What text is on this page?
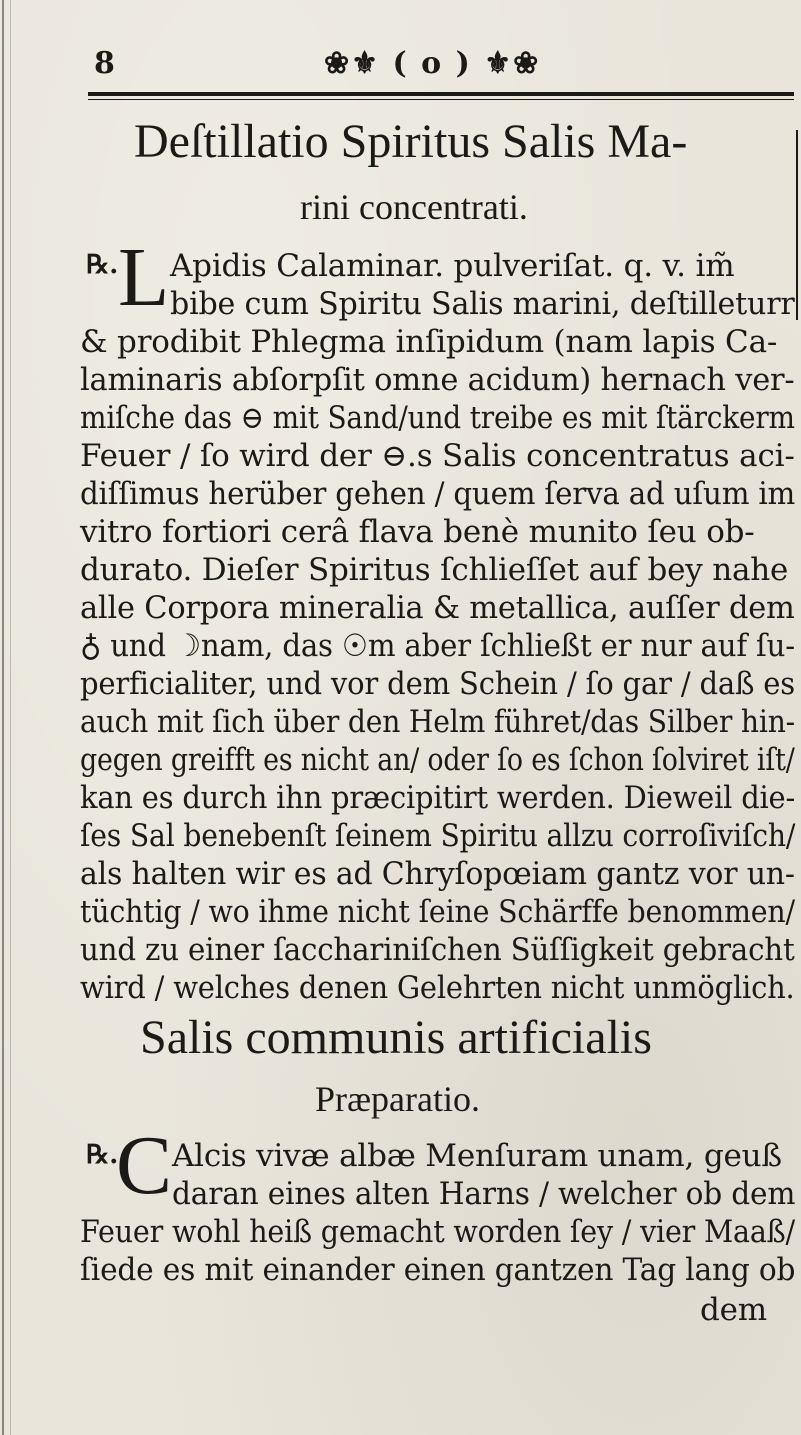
8	❀⚜ ( o ) ⚜❀
Deſtillatio Spiritus Salis Ma-
rini concentrati.
℞. L Apidis Calaminar. pulveriſat. q. v. im̃
bibe cum Spiritu Salis marini, deſtilleturr
& prodibit Phlegma inſipidum (nam lapis Ca-
laminaris abſorpſit omne acidum) hernach ver-
miſche das ⊖ mit Sand/und treibe es mit ſtärckerm
Feuer / ſo wird der ⊖.s Salis concentratus aci-
diſſimus herüber gehen / quem ſerva ad uſum im
vitro fortiori cerâ flava benè munito ſeu ob-
durato. Dieſer Spiritus ſchlieſſet auf bey nahe
alle Corpora mineralia & metallica, auſſer dem
♁ und ☽nam, das ☉m aber ſchließt er nur auf ſu-
perficialiter, und vor dem Schein / ſo gar / daß es
auch mit ſich über den Helm führet/das Silber hin-
gegen greifft es nicht an/ oder ſo es ſchon ſolviret iſt/
kan es durch ihn præcipitirt werden. Dieweil die-
ſes Sal benebenſt ſeinem Spiritu allzu corroſiviſch/
als halten wir es ad Chryſopœiam gantz vor un-
tüchtig / wo ihme nicht ſeine Schärffe benommen/
und zu einer ſacchariniſchen Süſſigkeit gebracht
Salis communis artificialis
Præparatio.
℞.
C Alcis vivæ albæ Menſuram unam, geuß
daran eines alten Harns / welcher ob dem
Feuer wohl heiß gemacht worden ſey / vier Maaß/
ſiede es mit einander einen gantzen Tag lang ob
dem
wird / welches denen Gelehrten nicht unmöglich.
